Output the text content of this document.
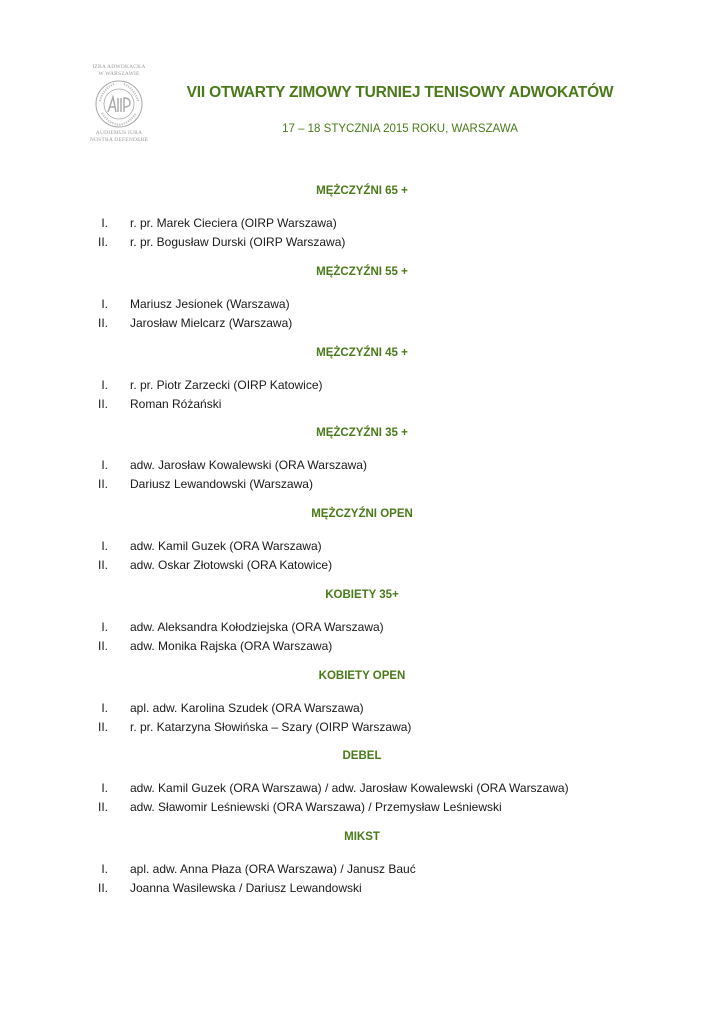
IZBA ADWOKACKA
W WARSZAWIE
AUDIEMUS IURA
NOSTRA DEFENDERE
VII OTWARTY ZIMOWY TURNIEJ TENISOWY ADWOKATÓW
17 – 18 STYCZNIA 2015 ROKU, WARSZAWA
MĘŻCZYŹNI 65 +
I. r. pr. Marek Cieciera (OIRP Warszawa)
II. r. pr. Bogusław Durski (OIRP Warszawa)
MĘŻCZYŹNI 55 +
I. Mariusz Jesionek (Warszawa)
II. Jarosław Mielcarz (Warszawa)
MĘŻCZYŹNI 45 +
I. r. pr. Piotr Zarzecki (OIRP Katowice)
II. Roman Różański
MĘŻCZYŹNI 35 +
I. adw. Jarosław Kowalewski (ORA Warszawa)
II. Dariusz Lewandowski (Warszawa)
MĘŻCZYŹNI OPEN
I. adw. Kamil Guzek (ORA Warszawa)
II. adw. Oskar Złotowski (ORA Katowice)
KOBIETY 35+
I. adw. Aleksandra Kołodziejska (ORA Warszawa)
II. adw. Monika Rajska (ORA Warszawa)
KOBIETY OPEN
I. apl. adw. Karolina Szudek (ORA Warszawa)
II. r. pr. Katarzyna Słowińska – Szary (OIRP Warszawa)
DEBEL
I. adw. Kamil Guzek (ORA Warszawa) / adw. Jarosław Kowalewski (ORA Warszawa)
II. adw. Sławomir Leśniewski (ORA Warszawa) / Przemysław Leśniewski
MIKST
I. apl. adw. Anna Płaza (ORA Warszawa) / Janusz Bauć
II. Joanna Wasilewska / Dariusz Lewandowski
